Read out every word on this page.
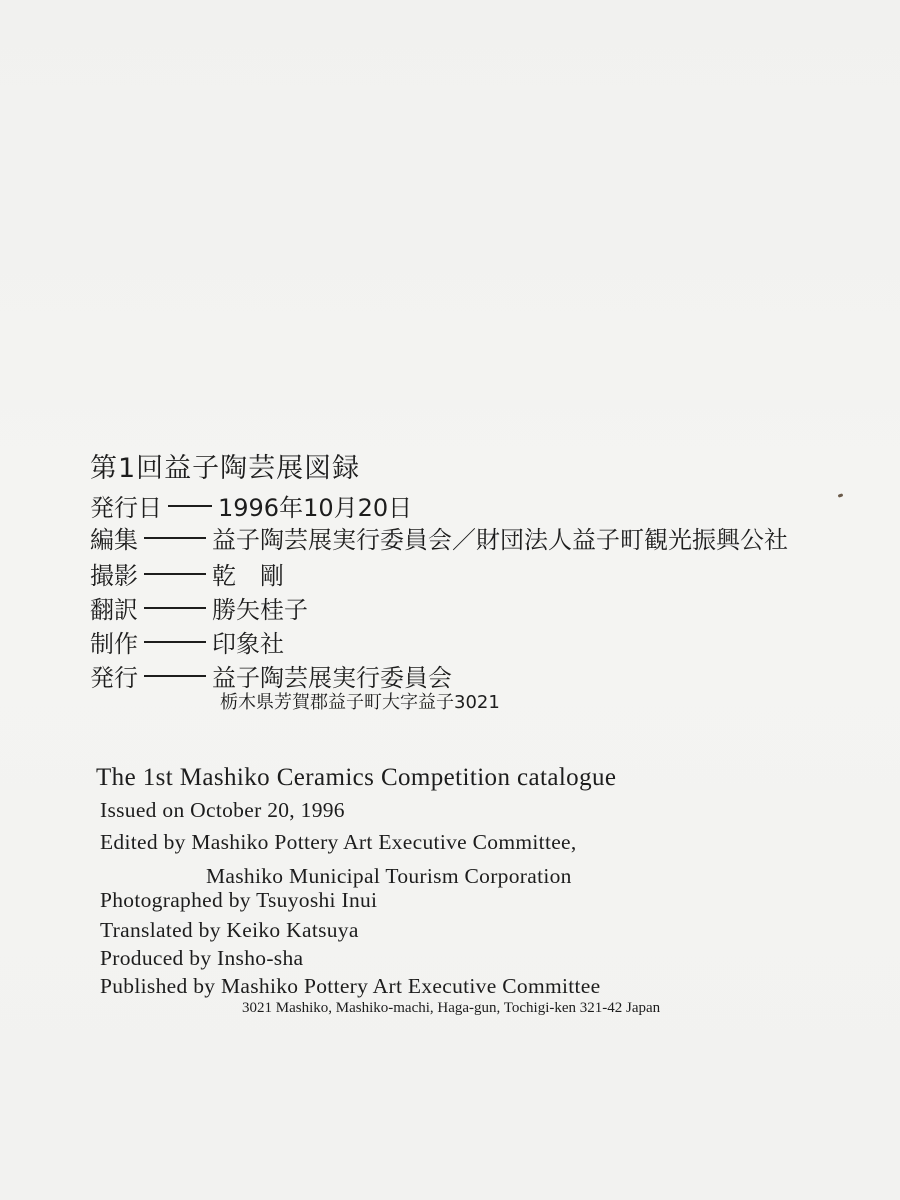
第1回益子陶芸展図録
発行日 1996年10月20日
編集	益子陶芸展実行委員会／財団法人益子町観光振興公社
撮影	乾　剛
翻訳	勝矢桂子
制作	印象社
発行	益子陶芸展実行委員会
栃木県芳賀郡益子町大字益子3021
The 1st Mashiko Ceramics Competition catalogue
Issued on October 20, 1996
Edited by Mashiko Pottery Art Executive Committee,
Mashiko Municipal Tourism Corporation
Photographed by Tsuyoshi Inui
Translated by Keiko Katsuya
Produced by Insho-sha
Published by Mashiko Pottery Art Executive Committee
3021 Mashiko, Mashiko-machi, Haga-gun, Tochigi-ken 321-42 Japan
